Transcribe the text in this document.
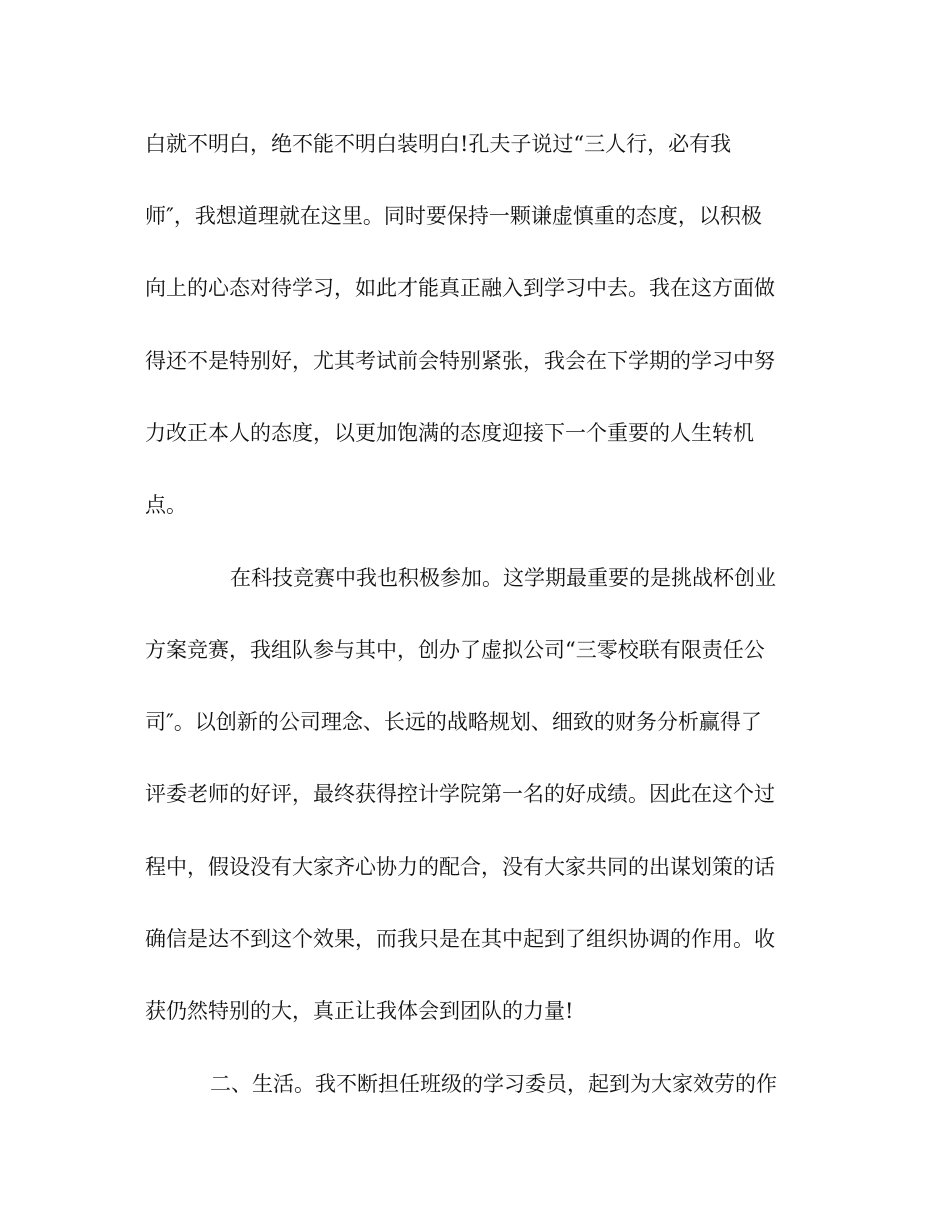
白就不明白，绝不能不明白装明白!孔夫子说过“三人行，必有我
师″，我想道理就在这里。同时要保持一颗谦虚慎重的态度，以积极
向上的心态对待学习，如此才能真正融入到学习中去。我在这方面做
得还不是特别好，尤其考试前会特别紧张，我会在下学期的学习中努
力改正本人的态度，以更加饱满的态度迎接下一个重要的人生转机
点。
在科技竞赛中我也积极参加。这学期最重要的是挑战杯创业
方案竞赛，我组队参与其中，创办了虚拟公司“三零校联有限责任公
司″。以创新的公司理念、长远的战略规划、细致的财务分析赢得了
评委老师的好评，最终获得控计学院第一名的好成绩。因此在这个过
程中，假设没有大家齐心协力的配合，没有大家共同的出谋划策的话
确信是达不到这个效果，而我只是在其中起到了组织协调的作用。收
获仍然特别的大，真正让我体会到团队的力量!
二、生活。我不断担任班级的学习委员，起到为大家效劳的作
